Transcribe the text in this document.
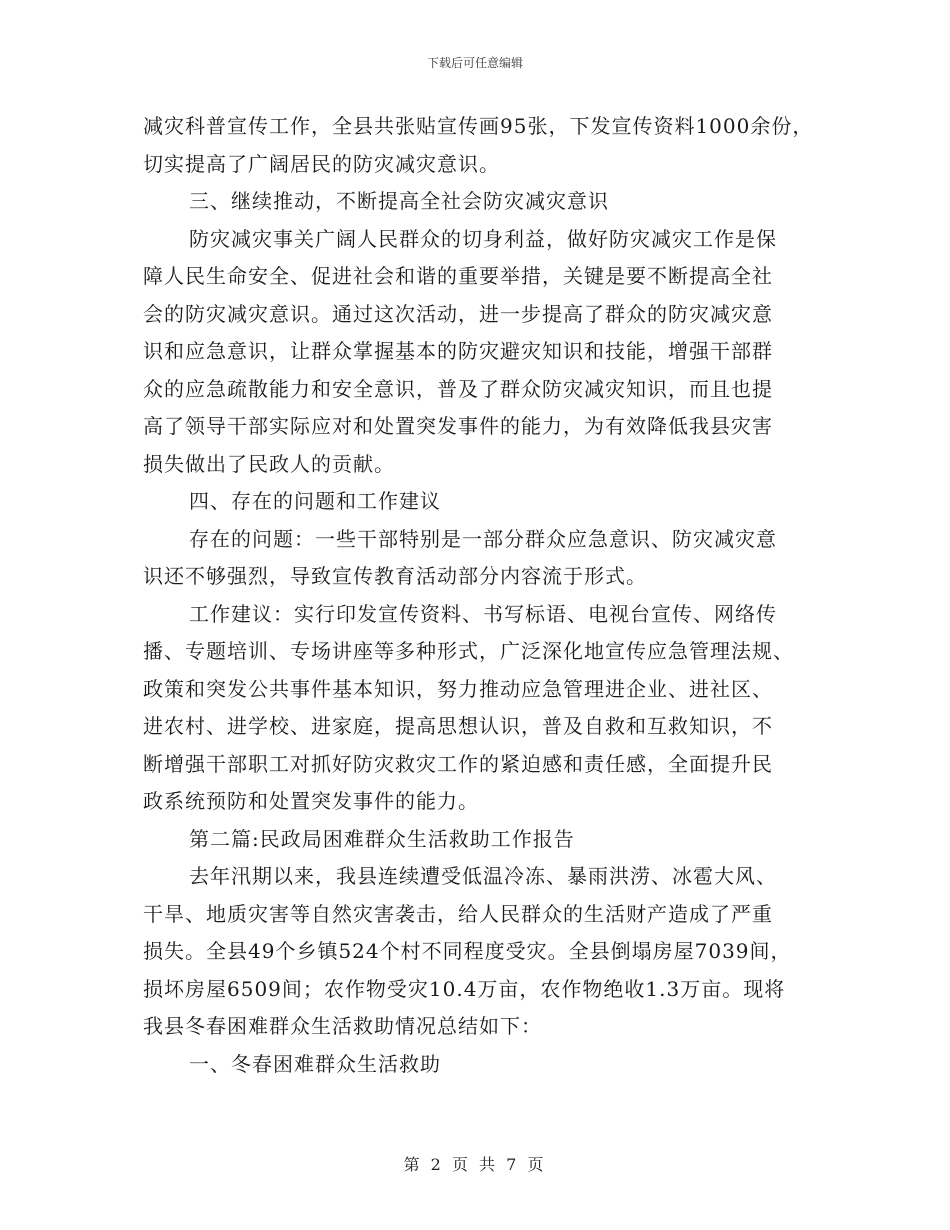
下载后可任意编辑
减灾科普宣传工作，全县共张贴宣传画95张，下发宣传资料1000余份，
切实提高了广阔居民的防灾减灾意识。
三、继续推动，不断提高全社会防灾减灾意识
防灾减灾事关广阔人民群众的切身利益，做好防灾减灾工作是保
障人民生命安全、促进社会和谐的重要举措，关键是要不断提高全社
会的防灾减灾意识。通过这次活动，进一步提高了群众的防灾减灾意
识和应急意识，让群众掌握基本的防灾避灾知识和技能，增强干部群
众的应急疏散能力和安全意识，普及了群众防灾减灾知识，而且也提
高了领导干部实际应对和处置突发事件的能力，为有效降低我县灾害
损失做出了民政人的贡献。
四、存在的问题和工作建议
存在的问题：一些干部特别是一部分群众应急意识、防灾减灾意
识还不够强烈，导致宣传教育活动部分内容流于形式。
工作建议：实行印发宣传资料、书写标语、电视台宣传、网络传
播、专题培训、专场讲座等多种形式，广泛深化地宣传应急管理法规、
政策和突发公共事件基本知识，努力推动应急管理进企业、进社区、
进农村、进学校、进家庭，提高思想认识，普及自救和互救知识，不
断增强干部职工对抓好防灾救灾工作的紧迫感和责任感，全面提升民
政系统预防和处置突发事件的能力。
第二篇:民政局困难群众生活救助工作报告
去年汛期以来，我县连续遭受低温冷冻、暴雨洪涝、冰雹大风、
干旱、地质灾害等自然灾害袭击，给人民群众的生活财产造成了严重
损失。全县49个乡镇524个村不同程度受灾。全县倒塌房屋7039间，
损坏房屋6509间；农作物受灾10.4万亩，农作物绝收1.3万亩。现将
我县冬春困难群众生活救助情况总结如下：
一、冬春困难群众生活救助
第 2 页 共 7 页
